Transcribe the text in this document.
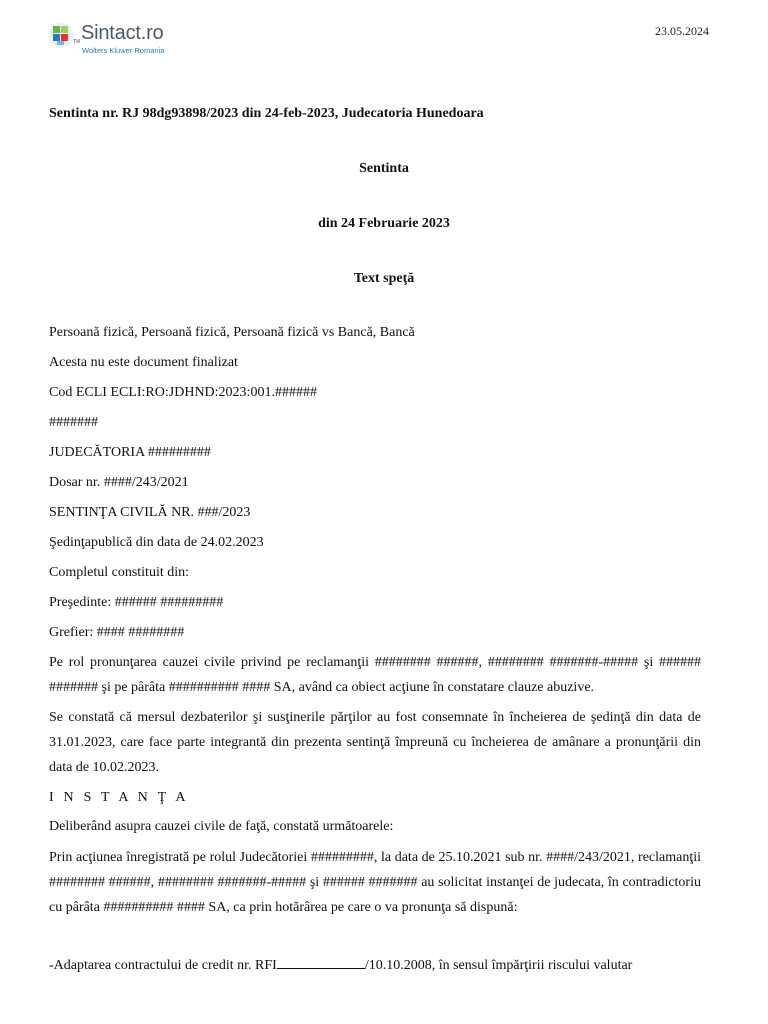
TM Sintact.ro
Wolters Kluwer Romania
23.05.2024
Sentinta nr. RJ 98dg93898/2023 din 24-feb-2023, Judecatoria Hunedoara
Sentinta
din 24 Februarie 2023
Text speţă
Persoană fizică, Persoană fizică, Persoană fizică vs Bancă, Bancă
Acesta nu este document finalizat
Cod ECLI ECLI:RO:JDHND:2023:001.######
#######
JUDECĂTORIA #########
Dosar nr. ####/243/2021
SENTINŢA CIVILĂ NR. ###/2023
Şedinţapublică din data de 24.02.2023
Completul constituit din:
Preşedinte: ###### #########
Grefier: #### ########
Pe rol pronunţarea cauzei civile privind pe reclamanţii ######## ######, ######## #######-##### şi ###### ####### şi pe pârâta ########## #### SA, având ca obiect acţiune în constatare clauze abuzive.
Se constată că mersul dezbaterilor şi susţinerile părţilor au fost consemnate în încheierea de şedinţă din data de 31.01.2023, care face parte integrantă din prezenta sentinţă împreună cu încheierea de amânare a pronunţării din data de 10.02.2023.
I N S T A N Ţ A
Deliberând asupra cauzei civile de faţă, constată următoarele:
Prin acţiunea înregistrată pe rolul Judecătoriei #########, la data de 25.10.2021 sub nr. ####/243/2021, reclamanţii ######## ######, ######## #######-##### şi ###### ####### au solicitat instanţei de judecata, în contradictoriu cu pârâta ########## #### SA, ca prin hotărârea pe care o va pronunţa să dispună:
-Adaptarea contractului de credit nr. RFI	/10.10.2008, în sensul împărţirii riscului valutar
